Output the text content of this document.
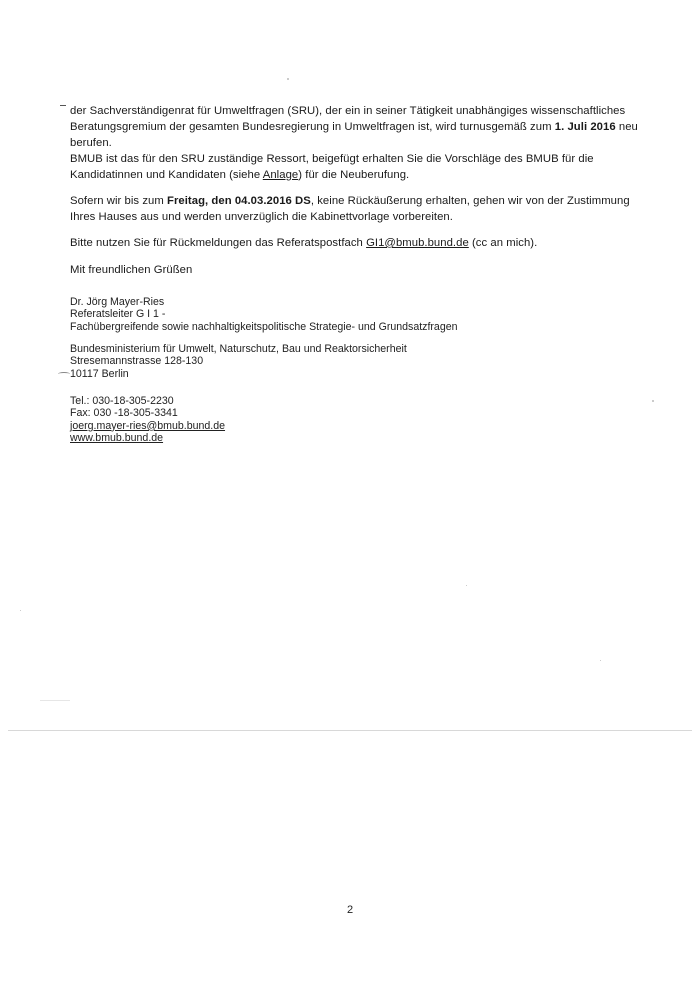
der Sachverständigenrat für Umweltfragen (SRU), der ein in seiner Tätigkeit unabhängiges wissenschaftliches Beratungsgremium der gesamten Bundesregierung in Umweltfragen ist, wird turnusgemäß zum 1. Juli 2016 neu berufen.

BMUB ist das für den SRU zuständige Ressort, beigefügt erhalten Sie die Vorschläge des BMUB für die Kandidatinnen und Kandidaten (siehe Anlage) für die Neuberufung.

Sofern wir bis zum Freitag, den 04.03.2016 DS, keine Rückäußerung erhalten, gehen wir von der Zustimmung Ihres Hauses aus und werden unverzüglich die Kabinettvorlage vorbereiten.

Bitte nutzen Sie für Rückmeldungen das Referatspostfach GI1@bmub.bund.de (cc an mich).

Mit freundlichen Grüßen

Dr. Jörg Mayer-Ries
Referatsleiter G I 1 -
Fachübergreifende sowie nachhaltigkeitspolitische Strategie- und Grundsatzfragen
Bundesministerium für Umwelt, Naturschutz, Bau und Reaktorsicherheit
Stresemannstrasse 128-130
10117 Berlin
Tel.: 030-18-305-2230
Fax: 030 -18-305-3341
joerg.mayer-ries@bmub.bund.de
www.bmub.bund.de
2
